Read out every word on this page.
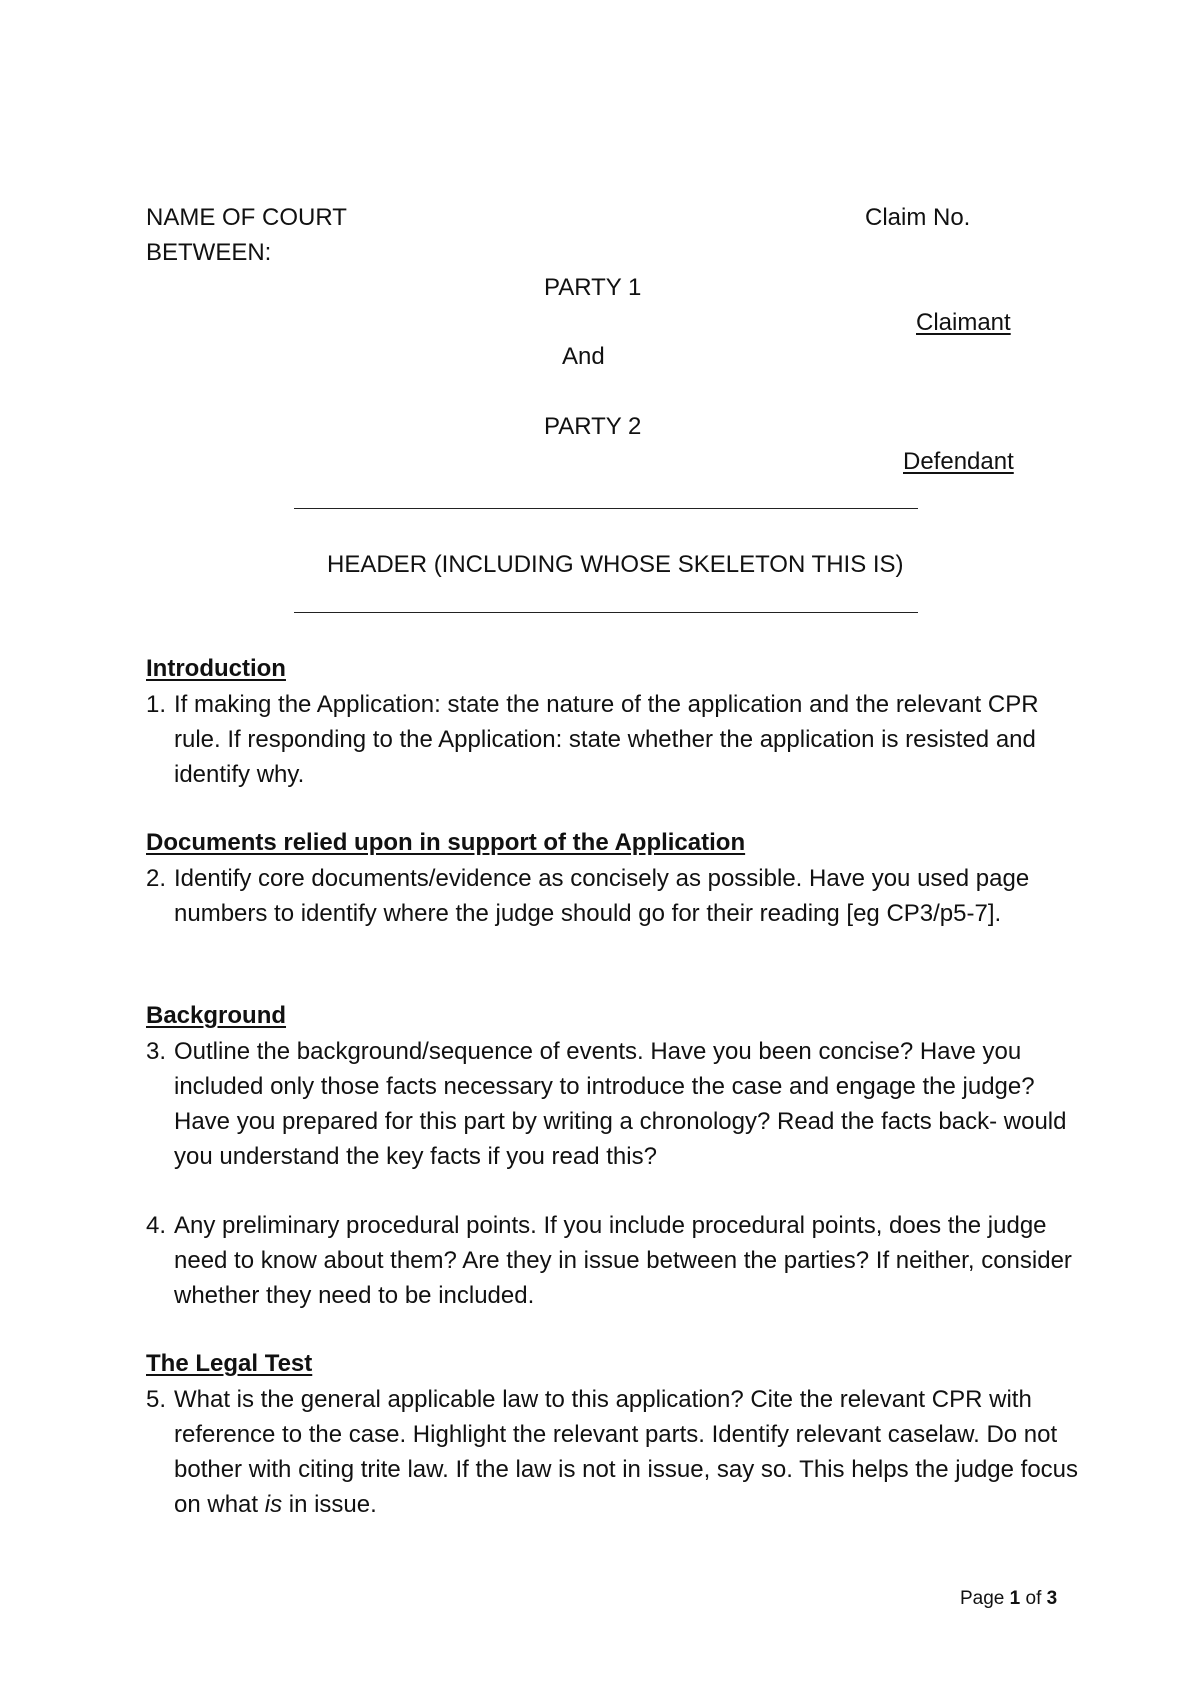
NAME OF COURT	Claim No.
BETWEEN:
PARTY 1
Claimant
And
PARTY 2
Defendant
HEADER (INCLUDING WHOSE SKELETON THIS IS)
Introduction
1. If making the Application: state the nature of the application and the relevant CPR rule. If responding to the Application: state whether the application is resisted and identify why.
Documents relied upon in support of the Application
2. Identify core documents/evidence as concisely as possible. Have you used page numbers to identify where the judge should go for their reading [eg CP3/p5-7].
Background
3. Outline the background/sequence of events. Have you been concise? Have you included only those facts necessary to introduce the case and engage the judge? Have you prepared for this part by writing a chronology? Read the facts back- would you understand the key facts if you read this?
4. Any preliminary procedural points. If you include procedural points, does the judge need to know about them? Are they in issue between the parties? If neither, consider whether they need to be included.
The Legal Test
5. What is the general applicable law to this application? Cite the relevant CPR with reference to the case. Highlight the relevant parts. Identify relevant caselaw. Do not bother with citing trite law. If the law is not in issue, say so. This helps the judge focus on what is in issue.
Page 1 of 3
